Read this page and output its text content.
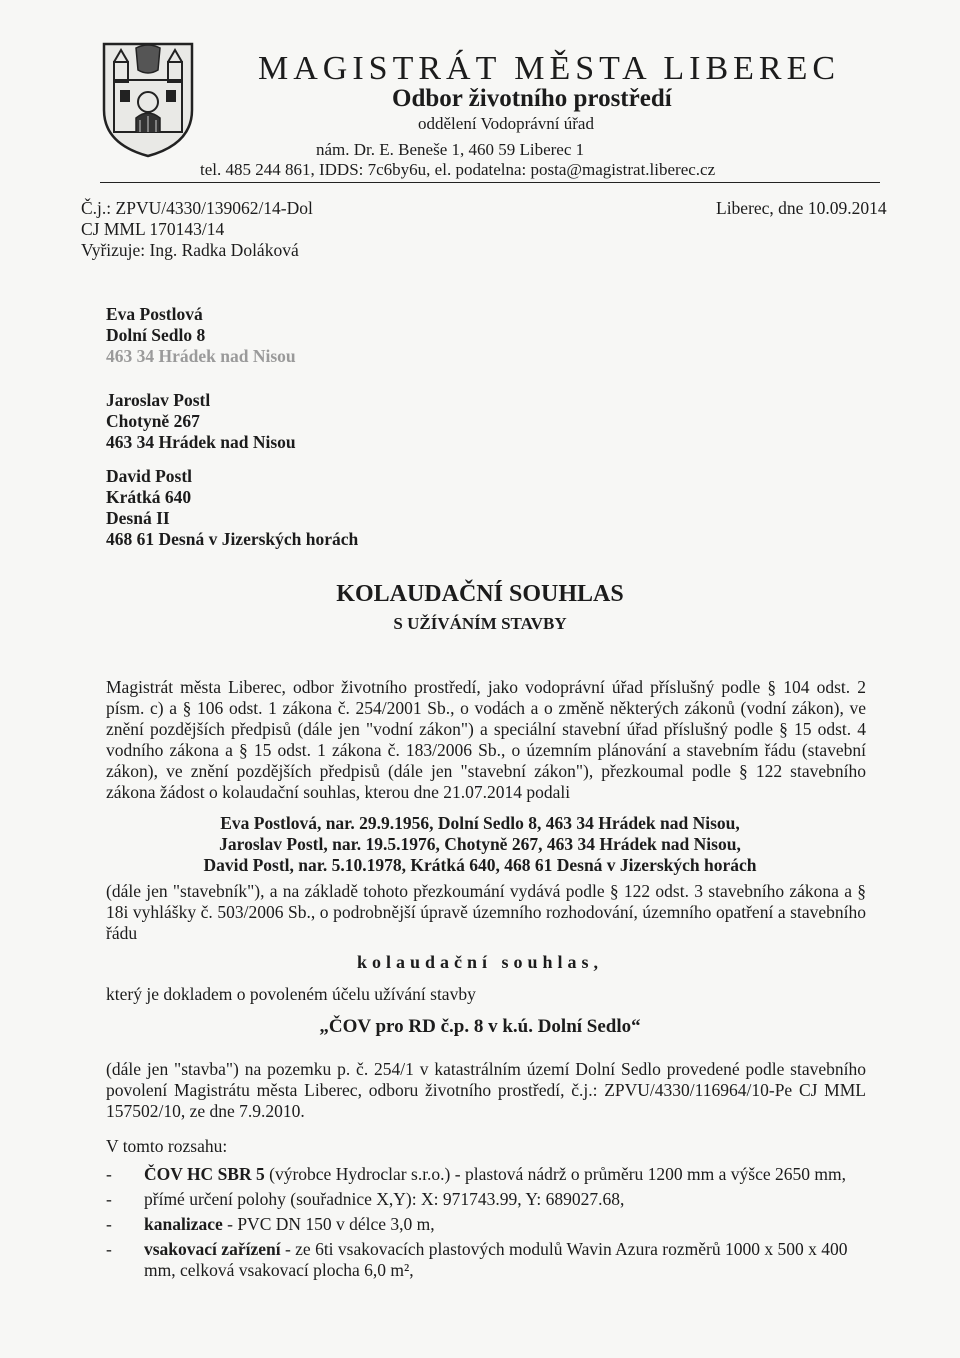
MAGISTRÁT MĚSTA LIBEREC
Odbor životního prostředí
oddělení Vodoprávní úřad
nám. Dr. E. Beneše 1, 460 59 Liberec 1
tel. 485 244 861, IDDS: 7c6by6u, el. podatelna: posta@magistrat.liberec.cz
Č.j.: ZPVU/4330/139062/14-Dol
CJ MML 170143/14
Vyřizuje: Ing. Radka Doláková
Liberec, dne 10.09.2014
Eva Postlová
Dolní Sedlo 8
463 34 Hrádek nad Nisou
Jaroslav Postl
Chotyně 267
463 34 Hrádek nad Nisou
David Postl
Krátká 640
Desná II
468 61 Desná v Jizerských horách
KOLAUDAČNÍ SOUHLAS
S UŽÍVÁNÍM STAVBY
Magistrát města Liberec, odbor životního prostředí, jako vodoprávní úřad příslušný podle § 104 odst. 2 písm. c) a § 106 odst. 1 zákona č. 254/2001 Sb., o vodách a o změně některých zákonů (vodní zákon), ve znění pozdějších předpisů (dále jen "vodní zákon") a speciální stavební úřad příslušný podle § 15 odst. 4 vodního zákona a § 15 odst. 1 zákona č. 183/2006 Sb., o územním plánování a stavebním řádu (stavební zákon), ve znění pozdějších předpisů (dále jen "stavební zákon"), přezkoumal podle § 122 stavebního zákona žádost o kolaudační souhlas, kterou dne 21.07.2014 podali
Eva Postlová, nar. 29.9.1956, Dolní Sedlo 8, 463 34 Hrádek nad Nisou,
Jaroslav Postl, nar. 19.5.1976, Chotyně 267, 463 34 Hrádek nad Nisou,
David Postl, nar. 5.10.1978, Krátká 640, 468 61 Desná v Jizerských horách
(dále jen "stavebník"), a na základě tohoto přezkoumání vydává podle § 122 odst. 3 stavebního zákona a § 18i vyhlášky č. 503/2006 Sb., o podrobnější úpravě územního rozhodování, územního opatření a stavebního řádu
kolaudační souhlas,
který je dokladem o povoleném účelu užívání stavby
„ČOV pro RD č.p. 8 v k.ú. Dolní Sedlo“
(dále jen "stavba") na pozemku p. č. 254/1 v katastrálním území Dolní Sedlo provedené podle stavebního povolení Magistrátu města Liberec, odboru životního prostředí, č.j.: ZPVU/4330/116964/10-Pe CJ MML 157502/10, ze dne 7.9.2010.
V tomto rozsahu:
- ČOV HC SBR 5 (výrobce Hydroclar s.r.o.) - plastová nádrž o průměru 1200 mm a výšce 2650 mm,
- přímé určení polohy (souřadnice X,Y): X: 971743.99, Y: 689027.68,
- kanalizace - PVC DN 150 v délce 3,0 m,
- vsakovací zařízení - ze 6ti vsakovacích plastových modulů Wavin Azura rozměrů 1000 x 500 x 400 mm, celková vsakovací plocha 6,0 m²,
